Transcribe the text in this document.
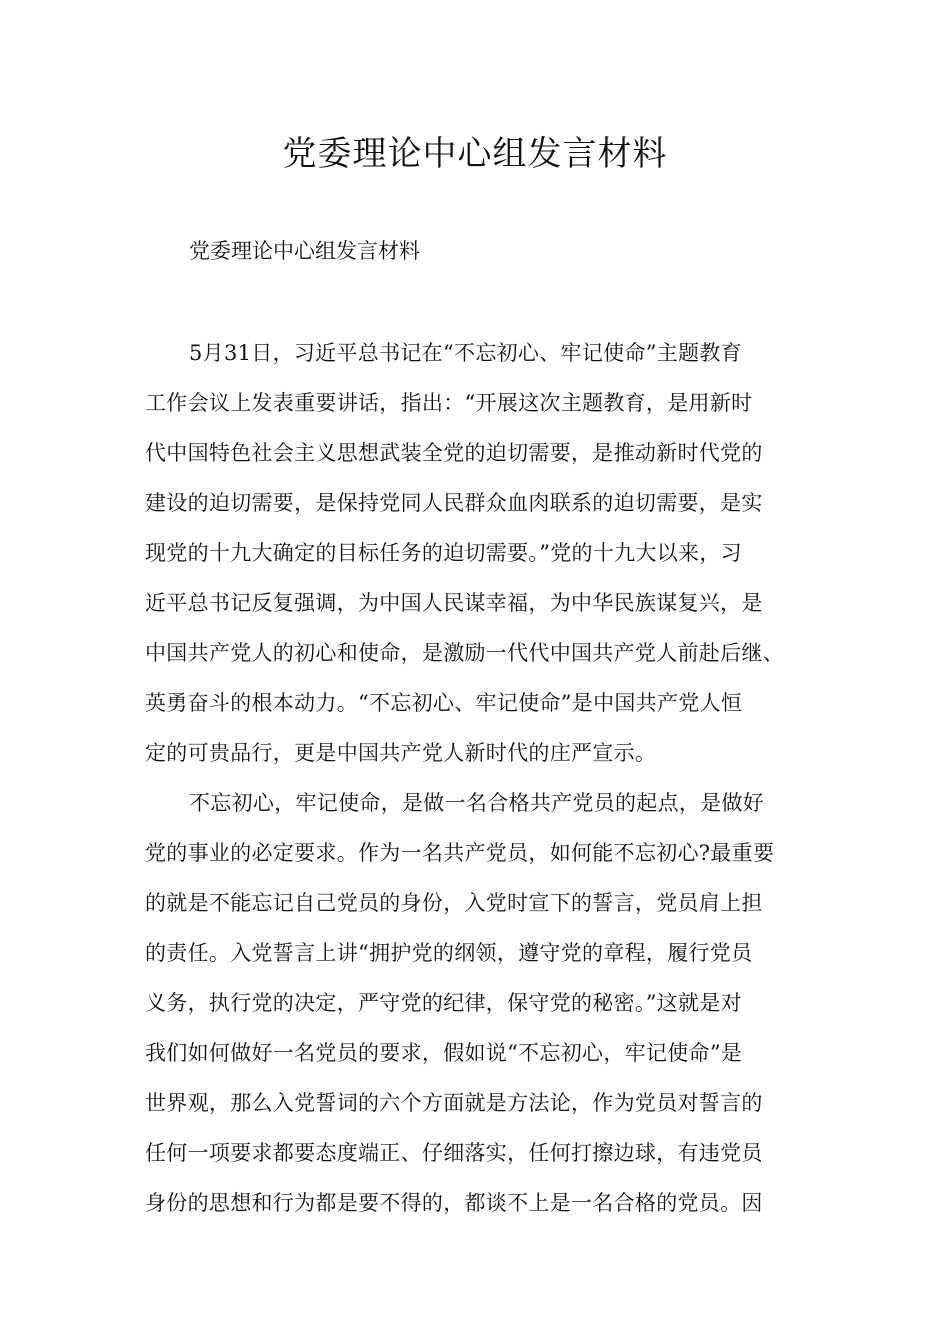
党委理论中心组发言材料

党委理论中心组发言材料

5月31日，习近平总书记在“不忘初心、牢记使命”主题教育
工作会议上发表重要讲话，指出：“开展这次主题教育，是用新时
代中国特色社会主义思想武装全党的迫切需要，是推动新时代党的
建设的迫切需要，是保持党同人民群众血肉联系的迫切需要，是实
现党的十九大确定的目标任务的迫切需要。”党的十九大以来，习
近平总书记反复强调，为中国人民谋幸福，为中华民族谋复兴，是
中国共产党人的初心和使命，是激励一代代中国共产党人前赴后继、
英勇奋斗的根本动力。“不忘初心、牢记使命”是中国共产党人恒
定的可贵品行，更是中国共产党人新时代的庄严宣示。
不忘初心，牢记使命，是做一名合格共产党员的起点，是做好
党的事业的必定要求。作为一名共产党员，如何能不忘初心?最重要
的就是不能忘记自己党员的身份，入党时宣下的誓言，党员肩上担
的责任。入党誓言上讲“拥护党的纲领，遵守党的章程，履行党员
义务，执行党的决定，严守党的纪律，保守党的秘密。”这就是对
我们如何做好一名党员的要求，假如说“不忘初心，牢记使命”是
世界观，那么入党誓词的六个方面就是方法论，作为党员对誓言的
任何一项要求都要态度端正、仔细落实，任何打擦边球，有违党员
身份的思想和行为都是要不得的，都谈不上是一名合格的党员。因
